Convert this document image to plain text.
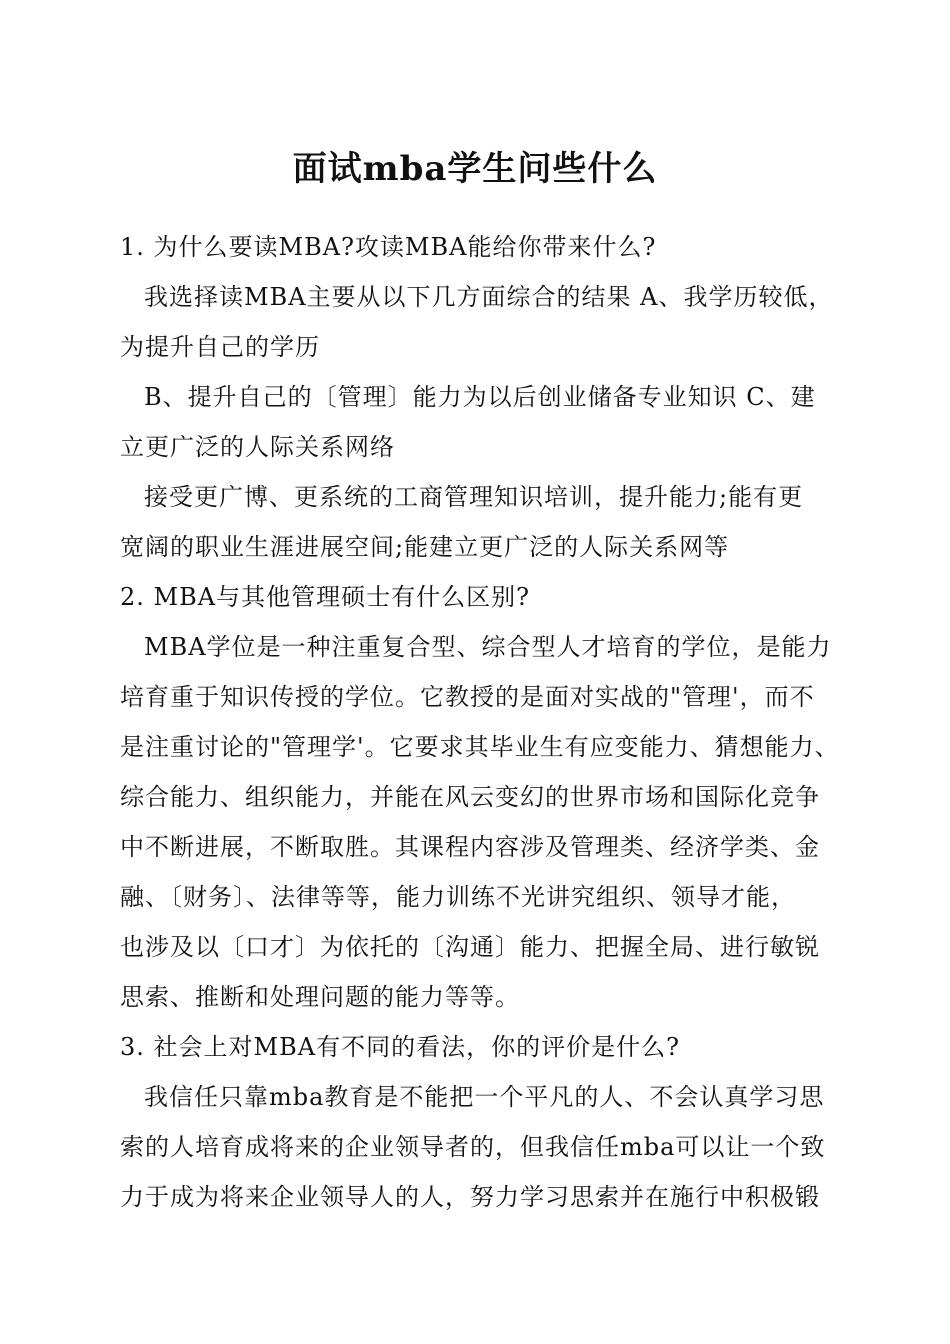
面试mba学生问些什么
1. 为什么要读MBA?攻读MBA能给你带来什么?
我选择读MBA主要从以下几方面综合的结果 A、我学历较低，
为提升自己的学历
B、提升自己的〔管理〕能力为以后创业储备专业知识 C、建
立更广泛的人际关系网络
接受更广博、更系统的工商管理知识培训，提升能力;能有更
宽阔的职业生涯进展空间;能建立更广泛的人际关系网等
2. MBA与其他管理硕士有什么区别?
MBA学位是一种注重复合型、综合型人才培育的学位，是能力
培育重于知识传授的学位。它教授的是面对实战的"管理'，而不
是注重讨论的"管理学'。它要求其毕业生有应变能力、猜想能力、
综合能力、组织能力，并能在风云变幻的世界市场和国际化竞争
中不断进展，不断取胜。其课程内容涉及管理类、经济学类、金
融、〔财务〕、法律等等，能力训练不光讲究组织、领导才能，
也涉及以〔口才〕为依托的〔沟通〕能力、把握全局、进行敏锐
思索、推断和处理问题的能力等等。
3. 社会上对MBA有不同的看法，你的评价是什么?
我信任只靠mba教育是不能把一个平凡的人、不会认真学习思
索的人培育成将来的企业领导者的，但我信任mba可以让一个致
力于成为将来企业领导人的人，努力学习思索并在施行中积极锻
